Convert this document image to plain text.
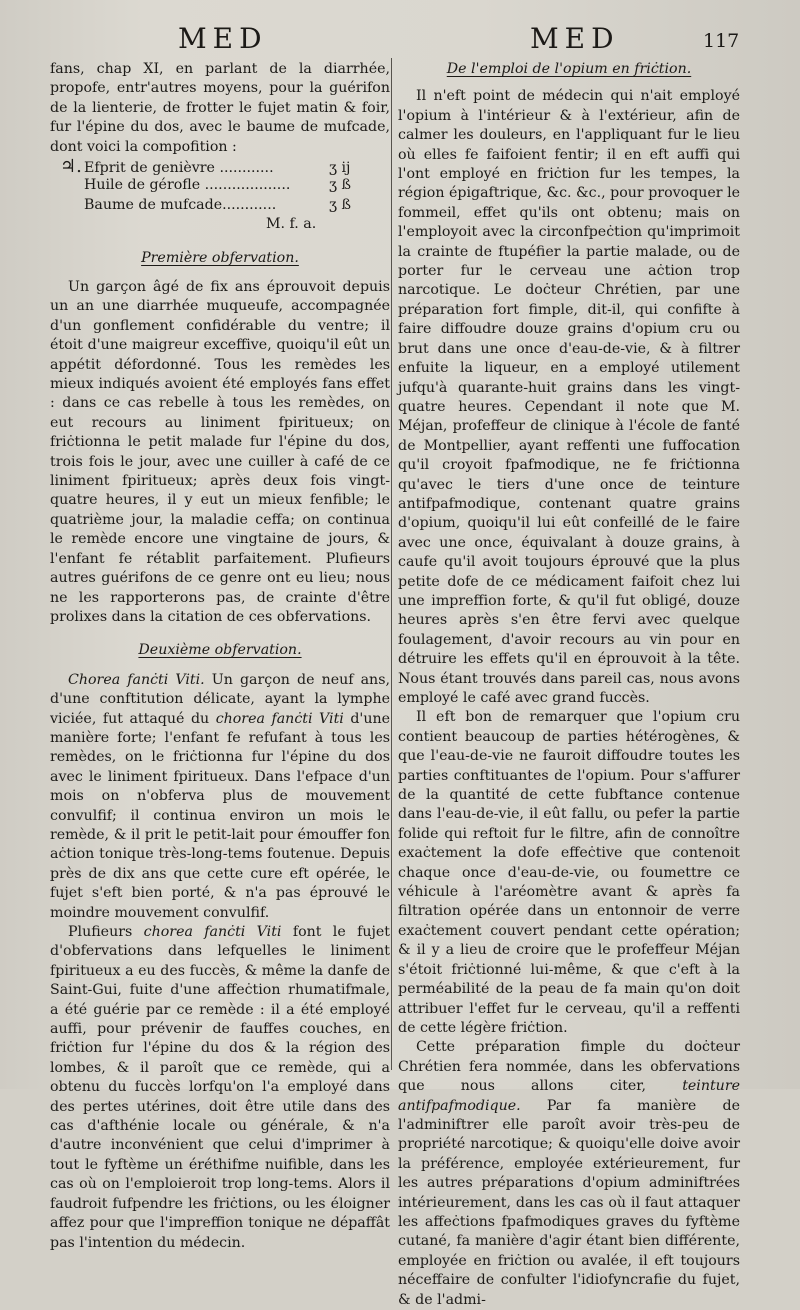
MED	MED	117

fans, chap XI, en parlant de la diarrhée, propofe, entr'autres moyens, pour la guérifon de la lienterie, de frotter le fujet matin & foir, fur l'épine du dos, avec le baume de mufcade, dont voici la compofition :

♃. Efprit de genièvre ............	ʒ ij
Huile de gérofle ...................	ʒ ß
Baume de mufcade............	ʒ ß
M. f. a.

Première obfervation.

Un garçon âgé de fix ans éprouvoit depuis un an une diarrhée muqueufe, accompagnée d'un gonflement confidérable du ventre; il étoit d'une maigreur exceffive, quoiqu'il eût un appétit défordonné. Tous les remèdes les mieux indiqués avoient été employés fans effet : dans ce cas rebelle à tous les remèdes, on eut recours au liniment fpiritueux; on friċtionna le petit malade fur l'épine du dos, trois fois le jour, avec une cuiller à café de ce liniment fpiritueux; après deux fois vingt-quatre heures, il y eut un mieux fenfible; le quatrième jour, la maladie ceffa; on continua le remède encore une vingtaine de jours, & l'enfant fe rétablit parfaitement. Plufieurs autres guérifons de ce genre ont eu lieu; nous ne les rapporterons pas, de crainte d'être prolixes dans la citation de ces obfervations.

Deuxième obfervation.

Chorea fanċti Viti. Un garçon de neuf ans, d'une conftitution délicate, ayant la lymphe viciée, fut attaqué du chorea fanċti Viti d'une manière forte; l'enfant fe refufant à tous les remèdes, on le friċtionna fur l'épine du dos avec le liniment fpiritueux. Dans l'efpace d'un mois on n'obferva plus de mouvement convulfif; il continua environ un mois le remède, & il prit le petit-lait pour émouffer fon aċtion tonique très-long-tems foutenue. Depuis près de dix ans que cette cure eft opérée, le fujet s'eft bien porté, & n'a pas éprouvé le moindre mouvement convulfif.

Plufieurs chorea fanċti Viti font le fujet d'obfervations dans lefquelles le liniment fpiritueux a eu des fuccès, & même la danfe de Saint-Gui, fuite d'une affeċtion rhumatifmale, a été guérie par ce remède : il a été employé auffi, pour prévenir de fauffes couches, en friċtion fur l'épine du dos & la région des lombes, & il paroît que ce remède, qui a obtenu du fuccès lorfqu'on l'a employé dans des pertes utérines, doit être utile dans des cas d'afthénie locale ou générale, & n'a d'autre inconvénient que celui d'imprimer à tout le fyftème un éréthifme nuifible, dans les cas où on l'emploieroit trop long-tems. Alors il faudroit fufpendre les friċtions, ou les éloigner affez pour que l'impreffion tonique ne dépaffât pas l'intention du médecin.

De l'emploi de l'opium en friċtion.

Il n'eft point de médecin qui n'ait employé l'opium à l'intérieur & à l'extérieur, afin de calmer les douleurs, en l'appliquant fur le lieu où elles fe faifoient fentir; il en eft auffi qui l'ont employé en friċtion fur les tempes, la région épigaftrique, &c. &c., pour provoquer le fommeil, effet qu'ils ont obtenu; mais on l'employoit avec la circonfpeċtion qu'imprimoit la crainte de ftupéfier la partie malade, ou de porter fur le cerveau une aċtion trop narcotique. Le doċteur Chrétien, par une préparation fort fimple, dit-il, qui confifte à faire diffoudre douze grains d'opium cru ou brut dans une once d'eau-de-vie, & à filtrer enfuite la liqueur, en a employé utilement jufqu'à quarante-huit grains dans les vingt-quatre heures. Cependant il note que M. Méjan, profeffeur de clinique à l'école de fanté de Montpellier, ayant reffenti une fuffocation qu'il croyoit fpafmodique, ne fe friċtionna qu'avec le tiers d'une once de teinture antifpafmodique, contenant quatre grains d'opium, quoiqu'il lui eût confeillé de le faire avec une once, équivalant à douze grains, à caufe qu'il avoit toujours éprouvé que la plus petite dofe de ce médicament faifoit chez lui une impreffion forte, & qu'il fut obligé, douze heures après s'en être fervi avec quelque foulagement, d'avoir recours au vin pour en détruire les effets qu'il en éprouvoit à la tête. Nous étant trouvés dans pareil cas, nous avons employé le café avec grand fuccès.

Il eft bon de remarquer que l'opium cru contient beaucoup de parties hétérogènes, & que l'eau-de-vie ne fauroit diffoudre toutes les parties conftituantes de l'opium. Pour s'affurer de la quantité de cette fubftance contenue dans l'eau-de-vie, il eût fallu, ou pefer la partie folide qui reftoit fur le filtre, afin de connoître exaċtement la dofe effeċtive que contenoit chaque once d'eau-de-vie, ou foumettre ce véhicule à l'aréomètre avant & après fa filtration opérée dans un entonnoir de verre exaċtement couvert pendant cette opération; & il y a lieu de croire que le profeffeur Méjan s'étoit friċtionné lui-même, & que c'eft à la perméabilité de la peau de fa main qu'on doit attribuer l'effet fur le cerveau, qu'il a reffenti de cette légère friċtion.

Cette préparation fimple du doċteur Chrétien fera nommée, dans les obfervations que nous allons citer, teinture antifpafmodique. Par fa manière de l'adminiftrer elle paroît avoir très-peu de propriété narcotique; & quoiqu'elle doive avoir la préférence, employée extérieurement, fur les autres préparations d'opium adminiftrées intérieurement, dans les cas où il faut attaquer les affeċtions fpafmodiques graves du fyftème cutané, fa manière d'agir étant bien différente, employée en friċtion ou avalée, il eft toujours néceffaire de confulter l'idiofyncrafie du fujet, & de l'admi-
